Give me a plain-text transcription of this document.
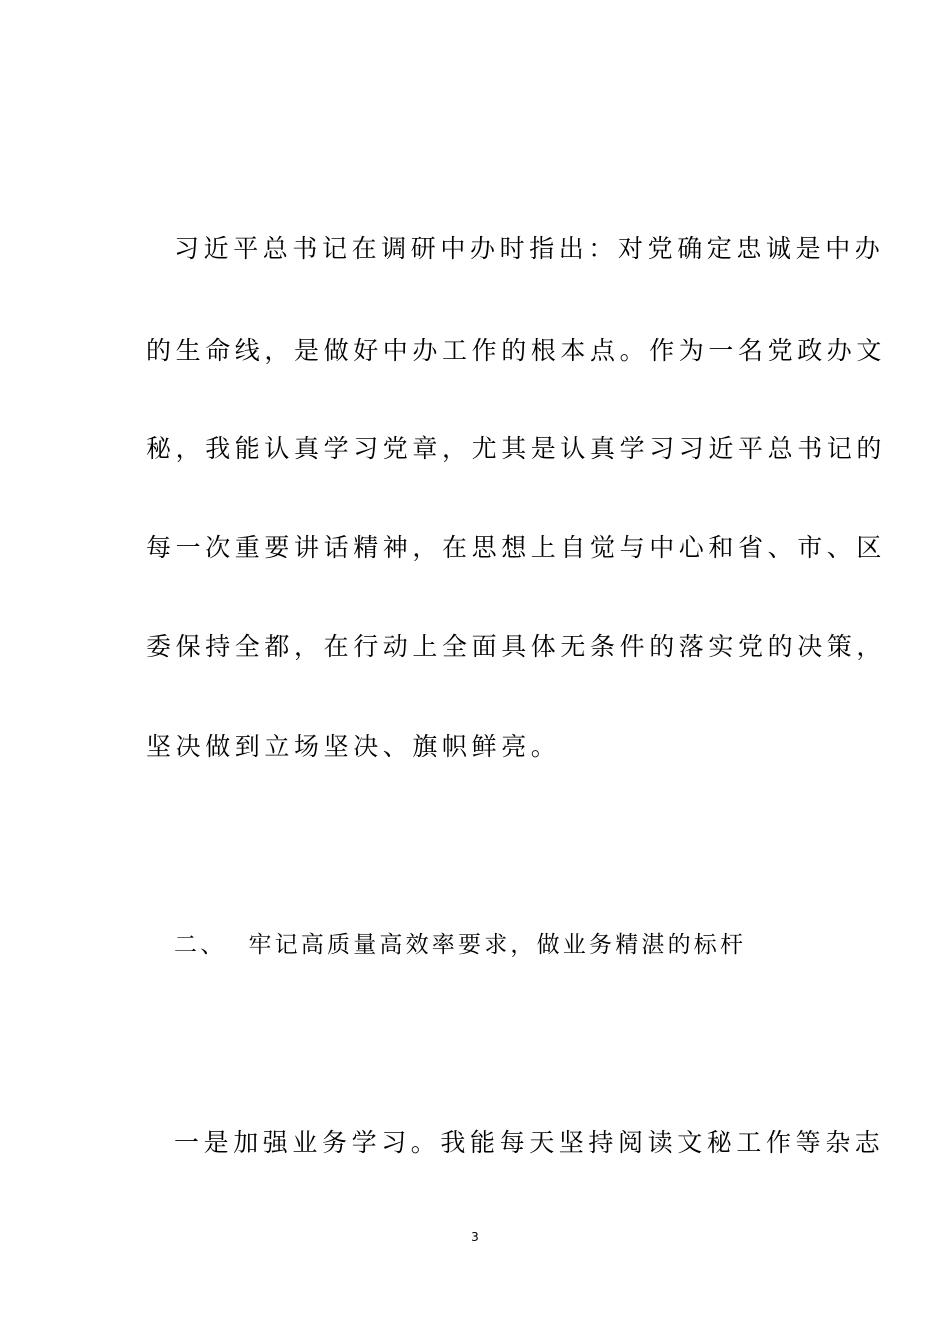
习近平总书记在调研中办时指出：对党确定忠诚是中办
的生命线，是做好中办工作的根本点。作为一名党政办文
秘，我能认真学习党章，尤其是认真学习习近平总书记的
每一次重要讲话精神，在思想上自觉与中心和省、市、区
委保持全都，在行动上全面具体无条件的落实党的决策，
坚决做到立场坚决、旗帜鲜亮。
二、 牢记高质量高效率要求，做业务精湛的标杆
一是加强业务学习。我能每天坚持阅读文秘工作等杂志
3
